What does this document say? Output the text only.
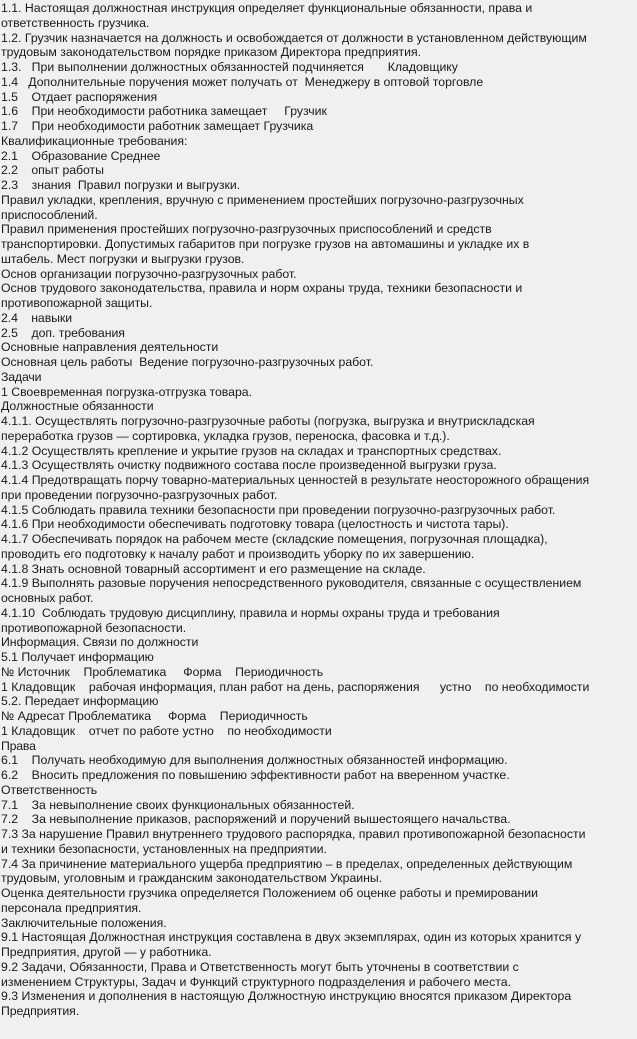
1.1. Настоящая должностная инструкция определяет функциональные обязанности, права и
ответственность грузчика.
1.2. Грузчик назначается на должность и освобождается от должности в установленном действующим
трудовым законодательством порядке приказом Директора предприятия.
1.3.   При выполнении должностных обязанностей подчиняется       Кладовщику
1.4   Дополнительные поручения может получать от  Менеджеру в оптовой торговле
1.5    Отдает распоряжения
1.6    При необходимости работника замещает     Грузчик
1.7    При необходимости работник замещает Грузчика
Квалификационные требования:
2.1    Образование Среднее
2.2    опыт работы
2.3    знания  Правил погрузки и выгрузки.
Правил укладки, крепления, вручную с применением простейших погрузочно-разгрузочных
приспособлений.
Правил применения простейших погрузочно-разгрузочных приспособлений и средств
транспортировки. Допустимых габаритов при погрузке грузов на автомашины и укладке их в
штабель. Мест погрузки и выгрузки грузов.
Основ организации погрузочно-разгрузочных работ.
Основ трудового законодательства, правила и норм охраны труда, техники безопасности и
противопожарной защиты.
2.4    навыки
2.5    доп. требования
Основные направления деятельности
Основная цель работы  Ведение погрузочно-разгрузочных работ.
Задачи
1 Своевременная погрузка-отгрузка товара.
Должностные обязанности
4.1.1. Осуществлять погрузочно-разгрузочные работы (погрузка, выгрузка и внутрискладская
переработка грузов — сортировка, укладка грузов, переноска, фасовка и т.д.).
4.1.2 Осуществлять крепление и укрытие грузов на складах и транспортных средствах.
4.1.3 Осуществлять очистку подвижного состава после произведенной выгрузки груза.
4.1.4 Предотвращать порчу товарно-материальных ценностей в результате неосторожного обращения
при проведении погрузочно-разгрузочных работ.
4.1.5 Соблюдать правила техники безопасности при проведении погрузочно-разгрузочных работ.
4.1.6 При необходимости обеспечивать подготовку товара (целостность и чистота тары).
4.1.7 Обеспечивать порядок на рабочем месте (складские помещения, погрузочная площадка),
проводить его подготовку к началу работ и производить уборку по их завершению.
4.1.8 Знать основной товарный ассортимент и его размещение на складе.
4.1.9 Выполнять разовые поручения непосредственного руководителя, связанные с осуществлением
основных работ.
4.1.10  Соблюдать трудовую дисциплину, правила и нормы охраны труда и требования
противопожарной безопасности.
Информация. Связи по должности
5.1 Получает информацию
№ Источник    Проблематика     Форма    Периодичность
1 Кладовщик    рабочая информация, план работ на день, распоряжения      устно    по необходимости
5.2. Передает информацию
№ Адресат Проблематика     Форма    Периодичность
1 Кладовщик    отчет по работе устно    по необходимости
Права
6.1    Получать необходимую для выполнения должностных обязанностей информацию.
6.2    Вносить предложения по повышению эффективности работ на вверенном участке.
Ответственность
7.1    За невыполнение своих функциональных обязанностей.
7.2    За невыполнение приказов, распоряжений и поручений вышестоящего начальства.
7.3 За нарушение Правил внутреннего трудового распорядка, правил противопожарной безопасности
и техники безопасности, установленных на предприятии.
7.4 За причинение материального ущерба предприятию – в пределах, определенных действующим
трудовым, уголовным и гражданским законодательством Украины.
Оценка деятельности грузчика определяется Положением об оценке работы и премировании
персонала предприятия.
Заключительные положения.
9.1 Настоящая Должностная инструкция составлена в двух экземплярах, один из которых хранится у
Предприятия, другой — у работника.
9.2 Задачи, Обязанности, Права и Ответственность могут быть уточнены в соответствии с
изменением Структуры, Задач и Функций структурного подразделения и рабочего места.
9.3 Изменения и дополнения в настоящую Должностную инструкцию вносятся приказом Директора
Предприятия.
